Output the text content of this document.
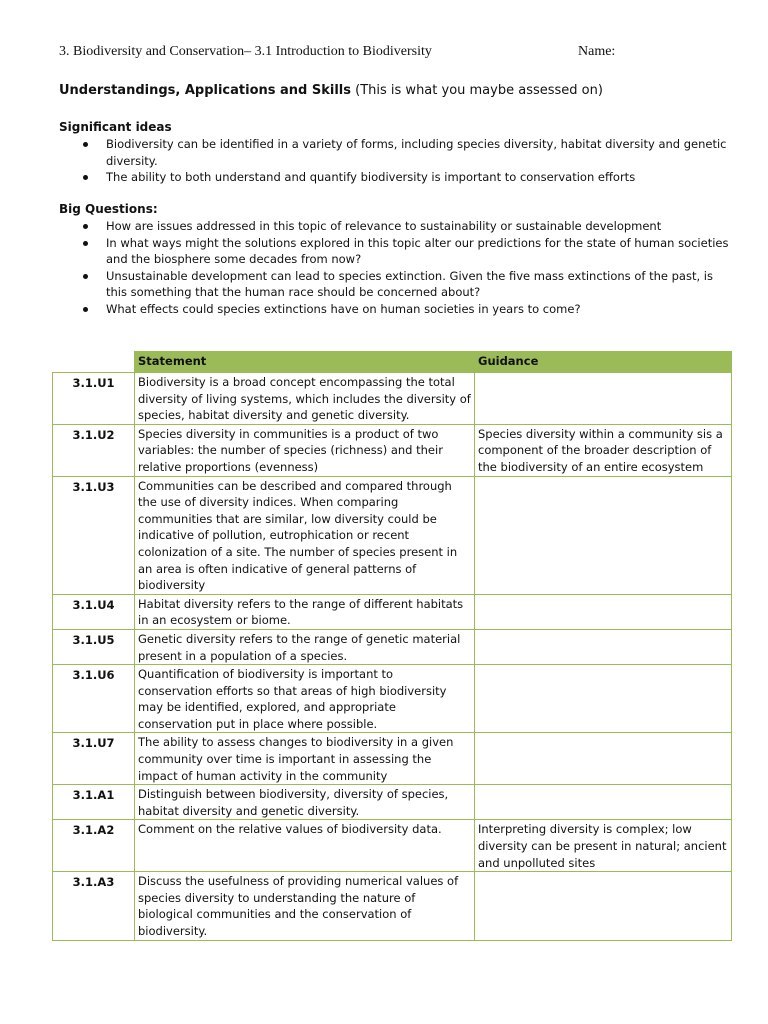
3. Biodiversity and Conservation– 3.1 Introduction to Biodiversity	Name:
Understandings, Applications and Skills (This is what you maybe assessed on)
Significant ideas
Biodiversity can be identified in a variety of forms, including species diversity, habitat diversity and genetic diversity.
The ability to both understand and quantify biodiversity is important to conservation efforts
Big Questions:
How are issues addressed in this topic of relevance to sustainability or sustainable development
In what ways might the solutions explored in this topic alter our predictions for the state of human societies and the biosphere some decades from now?
Unsustainable development can lead to species extinction. Given the five mass extinctions of the past, is this something that the human race should be concerned about?
What effects could species extinctions have on human societies in years to come?
	Statement	Guidance
3.1.U1	Biodiversity is a broad concept encompassing the total diversity of living systems, which includes the diversity of species, habitat diversity and genetic diversity.	
3.1.U2	Species diversity in communities is a product of two variables: the number of species (richness) and their relative proportions (evenness)	Species diversity within a community sis a component of the broader description of the biodiversity of an entire ecosystem
3.1.U3	Communities can be described and compared through the use of diversity indices. When comparing communities that are similar, low diversity could be indicative of pollution, eutrophication or recent colonization of a site. The number of species present in an area is often indicative of general patterns of biodiversity	
3.1.U4	Habitat diversity refers to the range of different habitats in an ecosystem or biome.	
3.1.U5	Genetic diversity refers to the range of genetic material present in a population of a species.	
3.1.U6	Quantification of biodiversity is important to conservation efforts so that areas of high biodiversity may be identified, explored, and appropriate conservation put in place where possible.	
3.1.U7	The ability to assess changes to biodiversity in a given community over time is important in assessing the impact of human activity in the community	
3.1.A1	Distinguish between biodiversity, diversity of species, habitat diversity and genetic diversity.	
3.1.A2	Comment on the relative values of biodiversity data.	Interpreting diversity is complex; low diversity can be present in natural; ancient and unpolluted sites
3.1.A3	Discuss the usefulness of providing numerical values of species diversity to understanding the nature of biological communities and the conservation of biodiversity.	
